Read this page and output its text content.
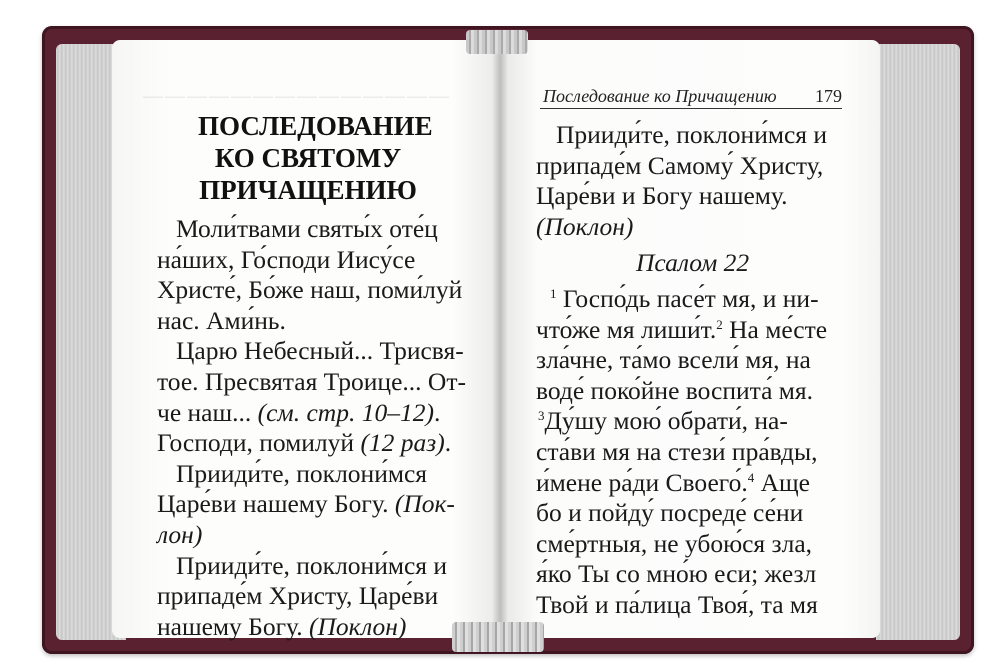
——————————————
ПОСЛЕДОВАНИЕ
КО СВЯТОМУ
ПРИЧАЩЕНИЮ
Моли́твами святы́х оте́ц
на́ших, Го́споди Иису́се
Христе́, Бо́же наш, поми́луй
нас. Ами́нь.
Царю Небесный... Трисвя-
тое. Пресвятая Троице... От-
че наш... (см. стр. 10–12).
Господи, помилуй (12 раз).
Прииди́те, поклони́мся
Царе́ви нашему Богу. (Пок-
лон)
Прииди́те, поклони́мся и
припаде́м Христу, Царе́ви
нашему Богу. (Поклон)
Последование ко Причащению 179
Прииди́те, поклони́мся и
припаде́м Самому́ Христу,
Царе́ви и Богу нашему.
(Поклон)
Псалом 22
$^1$ Госпо́дь пасе́т мя, и ни-
что́же мя лиши́т.$^2$ На ме́сте
зла́чне, та́мо всели́ мя, на
воде́ поко́йне воспита́ мя.
$^3$Ду́шу мою́ обрати́, на-
ста́ви мя на стези́ пра́вды,
и́мене ра́ди Своего́.$^4$ Аще
бо и пойду́ посреде́ се́ни
сме́ртныя, не убою́ся зла,
я́ко Ты со мно́ю еси; жезл
Твой и па́лица Твоя́, та мя
